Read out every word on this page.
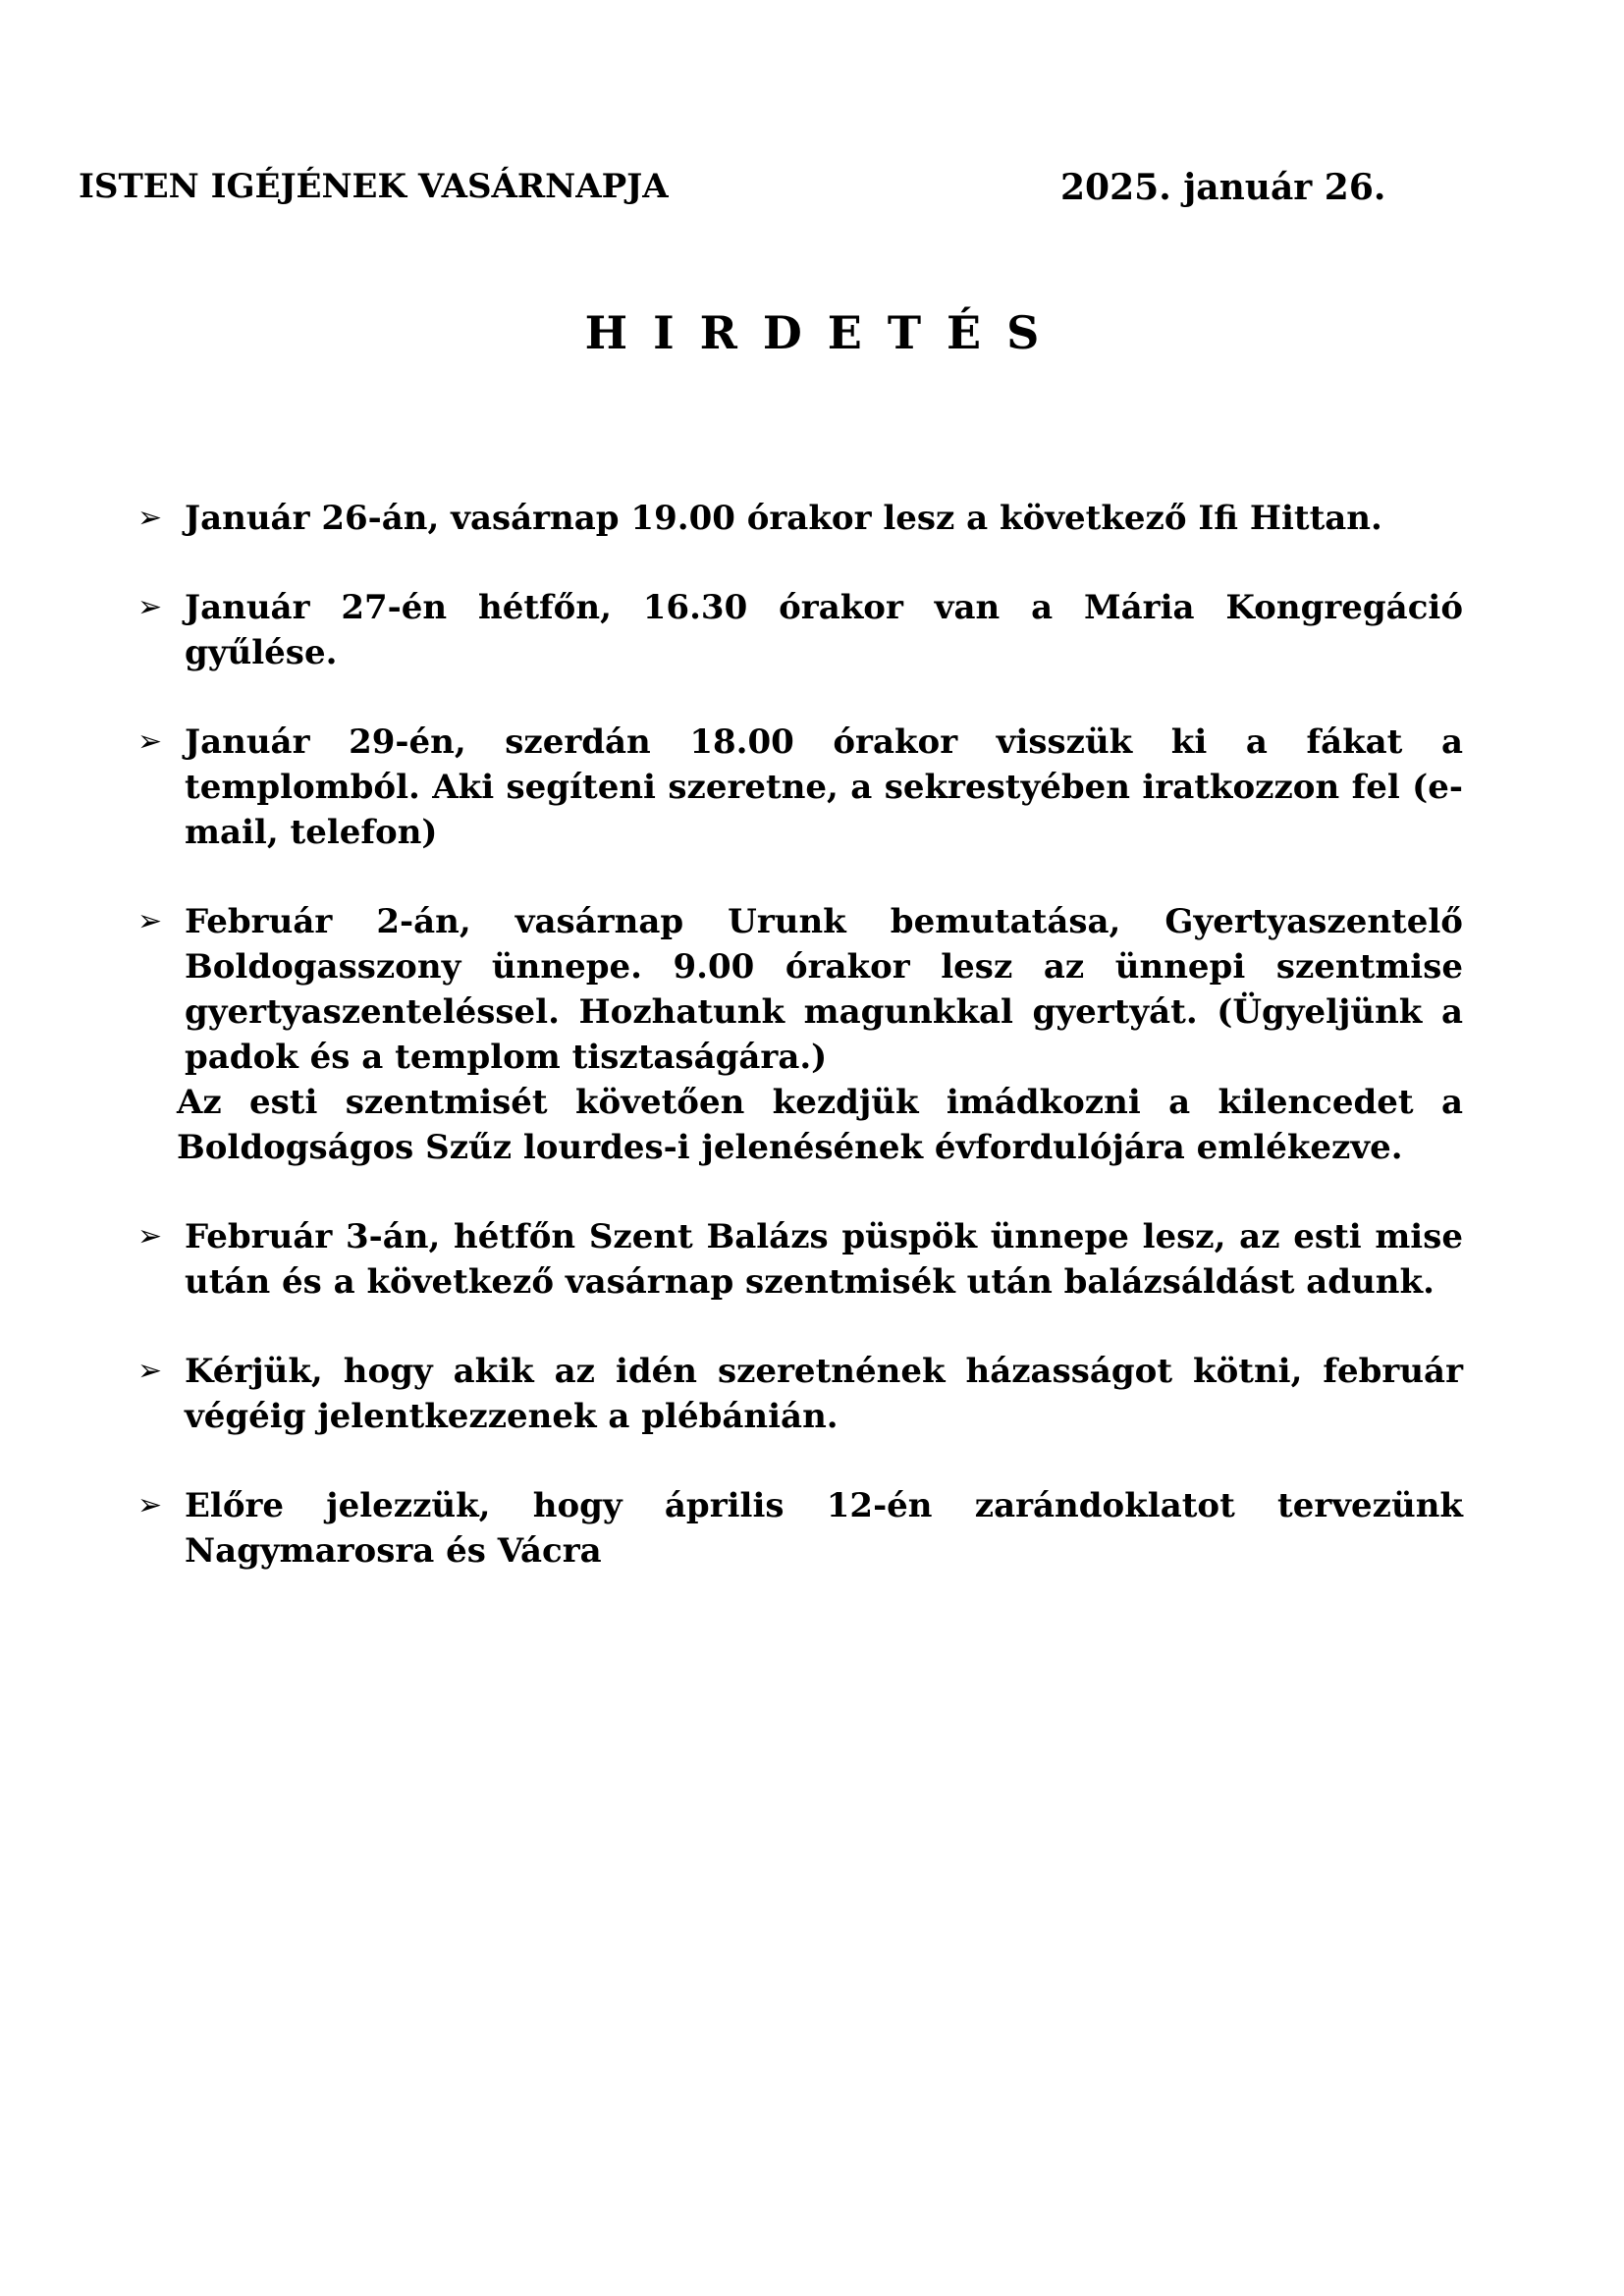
ISTEN IGÉJÉNEK VASÁRNAPJA	2025. január 26.
HIRDETÉS
➢ Január 26-án, vasárnap 19.00 órakor lesz a következő Ifi Hittan.
➢ Január 27-én hétfőn, 16.30 órakor van a Mária Kongregáció gyűlése.
➢ Január 29-én, szerdán 18.00 órakor visszük ki a fákat a templomból. Aki segíteni szeretne, a sekrestyében iratkozzon fel (e-mail, telefon)
➢ Február 2-án, vasárnap Urunk bemutatása, Gyertyaszentelő Boldogasszony ünnepe. 9.00 órakor lesz az ünnepi szentmise gyertyaszenteléssel. Hozhatunk magunkkal gyertyát. (Ügyeljünk a padok és a templom tisztaságára.)
Az esti szentmisét követően kezdjük imádkozni a kilencedet a Boldogságos Szűz lourdes-i jelenésének évfordulójára emlékezve.
➢ Február 3-án, hétfőn Szent Balázs püspök ünnepe lesz, az esti mise után és a következő vasárnap szentmisék után balázsáldást adunk.
➢ Kérjük, hogy akik az idén szeretnének házasságot kötni, február végéig jelentkezzenek a plébánián.
➢ Előre jelezzük, hogy április 12-én zarándoklatot tervezünk Nagymarosra és Vácra
